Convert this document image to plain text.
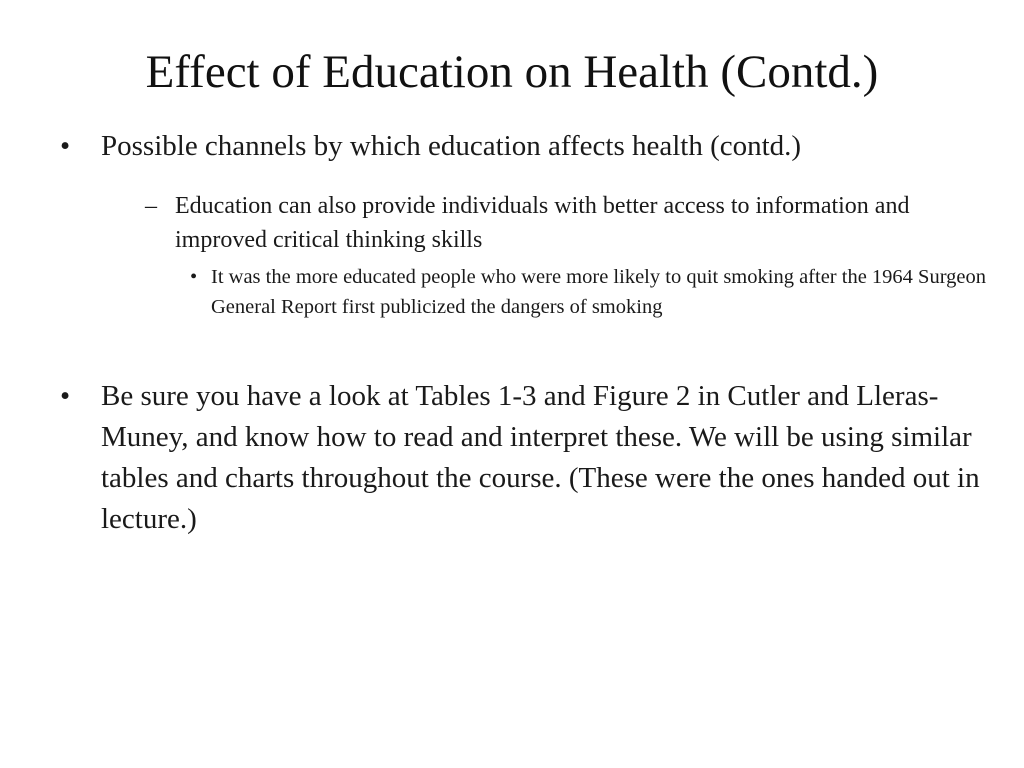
Effect of Education on Health (Contd.)
•	Possible channels by which education affects health (contd.)
– Education can also provide individuals with better access to information and improved critical thinking skills
• It was the more educated people who were more likely to quit smoking after the 1964 Surgeon General Report first publicized the dangers of smoking
•	Be sure you have a look at Tables 1-3 and Figure 2 in Cutler and Lleras-Muney, and know how to read and interpret these. We will be using similar tables and charts throughout the course. (These were the ones handed out in lecture.)
